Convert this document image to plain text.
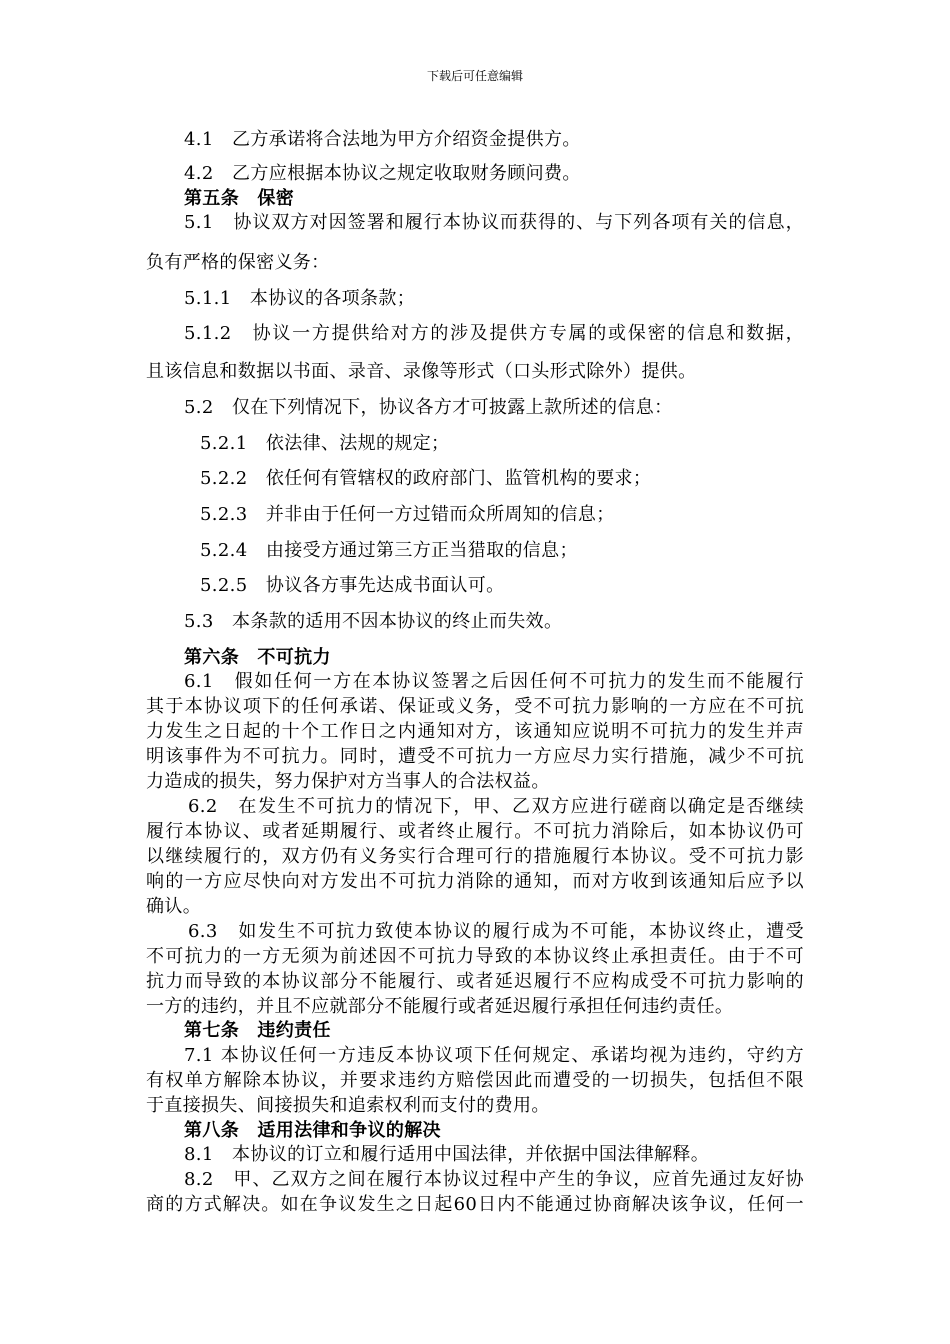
下载后可任意编辑
4.1　乙方承诺将合法地为甲方介绍资金提供方。
4.2　乙方应根据本协议之规定收取财务顾问费。
第五条　保密
5.1　协议双方对因签署和履行本协议而获得的、与下列各项有关的信息，
负有严格的保密义务：
5.1.1　本协议的各项条款；
5.1.2　协议一方提供给对方的涉及提供方专属的或保密的信息和数据，
且该信息和数据以书面、录音、录像等形式（口头形式除外）提供。
5.2　仅在下列情况下，协议各方才可披露上款所述的信息：
5.2.1　依法律、法规的规定；
5.2.2　依任何有管辖权的政府部门、监管机构的要求；
5.2.3　并非由于任何一方过错而众所周知的信息；
5.2.4　由接受方通过第三方正当猎取的信息；
5.2.5　协议各方事先达成书面认可。
5.3　本条款的适用不因本协议的终止而失效。
第六条　不可抗力
6.1　假如任何一方在本协议签署之后因任何不可抗力的发生而不能履行
其于本协议项下的任何承诺、保证或义务，受不可抗力影响的一方应在不可抗
力发生之日起的十个工作日之内通知对方，该通知应说明不可抗力的发生并声
明该事件为不可抗力。同时，遭受不可抗力一方应尽力实行措施，减少不可抗
力造成的损失，努力保护对方当事人的合法权益。
6.2　在发生不可抗力的情况下，甲、乙双方应进行磋商以确定是否继续
履行本协议、或者延期履行、或者终止履行。不可抗力消除后，如本协议仍可
以继续履行的，双方仍有义务实行合理可行的措施履行本协议。受不可抗力影
响的一方应尽快向对方发出不可抗力消除的通知，而对方收到该通知后应予以
确认。
6.3　如发生不可抗力致使本协议的履行成为不可能，本协议终止，遭受
不可抗力的一方无须为前述因不可抗力导致的本协议终止承担责任。由于不可
抗力而导致的本协议部分不能履行、或者延迟履行不应构成受不可抗力影响的
一方的违约，并且不应就部分不能履行或者延迟履行承担任何违约责任。
第七条　违约责任
7.1 本协议任何一方违反本协议项下任何规定、承诺均视为违约，守约方
有权单方解除本协议，并要求违约方赔偿因此而遭受的一切损失，包括但不限
于直接损失、间接损失和追索权利而支付的费用。
第八条　适用法律和争议的解决
8.1　本协议的订立和履行适用中国法律，并依据中国法律解释。
8.2　甲、乙双方之间在履行本协议过程中产生的争议，应首先通过友好协
商的方式解决。如在争议发生之日起60日内不能通过协商解决该争议，任何一
